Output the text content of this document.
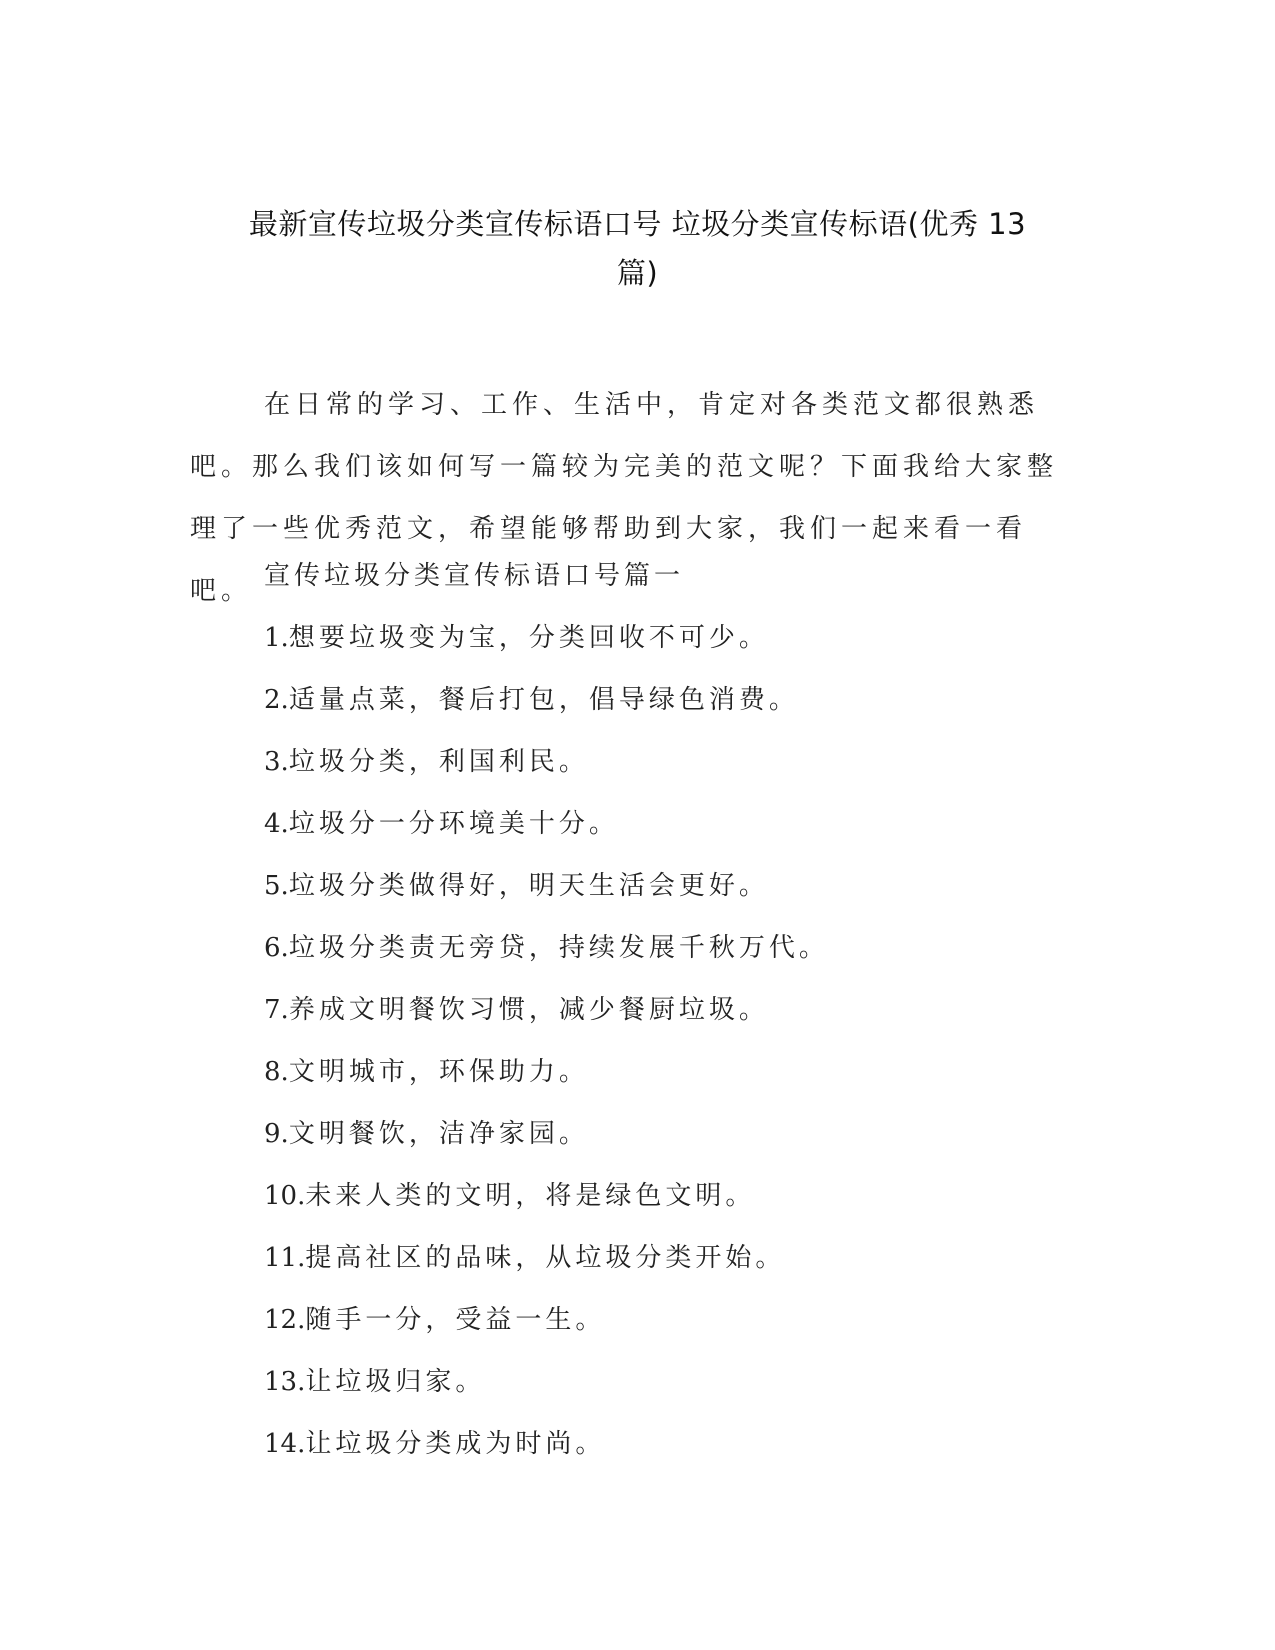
最新宣传垃圾分类宣传标语口号 垃圾分类宣传标语(优秀 13
篇)

在日常的学习、工作、生活中，肯定对各类范文都很熟悉吧。那么我们该如何写一篇较为完美的范文呢？下面我给大家整理了一些优秀范文，希望能够帮助到大家，我们一起来看一看吧。 宣传垃圾分类宣传标语口号篇一
1.想要垃圾变为宝，分类回收不可少。
2.适量点菜，餐后打包，倡导绿色消费。
3.垃圾分类，利国利民。
4.垃圾分一分环境美十分。
5.垃圾分类做得好，明天生活会更好。
6.垃圾分类责无旁贷，持续发展千秋万代。
7.养成文明餐饮习惯，减少餐厨垃圾。
8.文明城市，环保助力。
9.文明餐饮，洁净家园。
10.未来人类的文明，将是绿色文明。
11.提高社区的品味，从垃圾分类开始。
12.随手一分，受益一生。
13.让垃圾归家。
14.让垃圾分类成为时尚。
